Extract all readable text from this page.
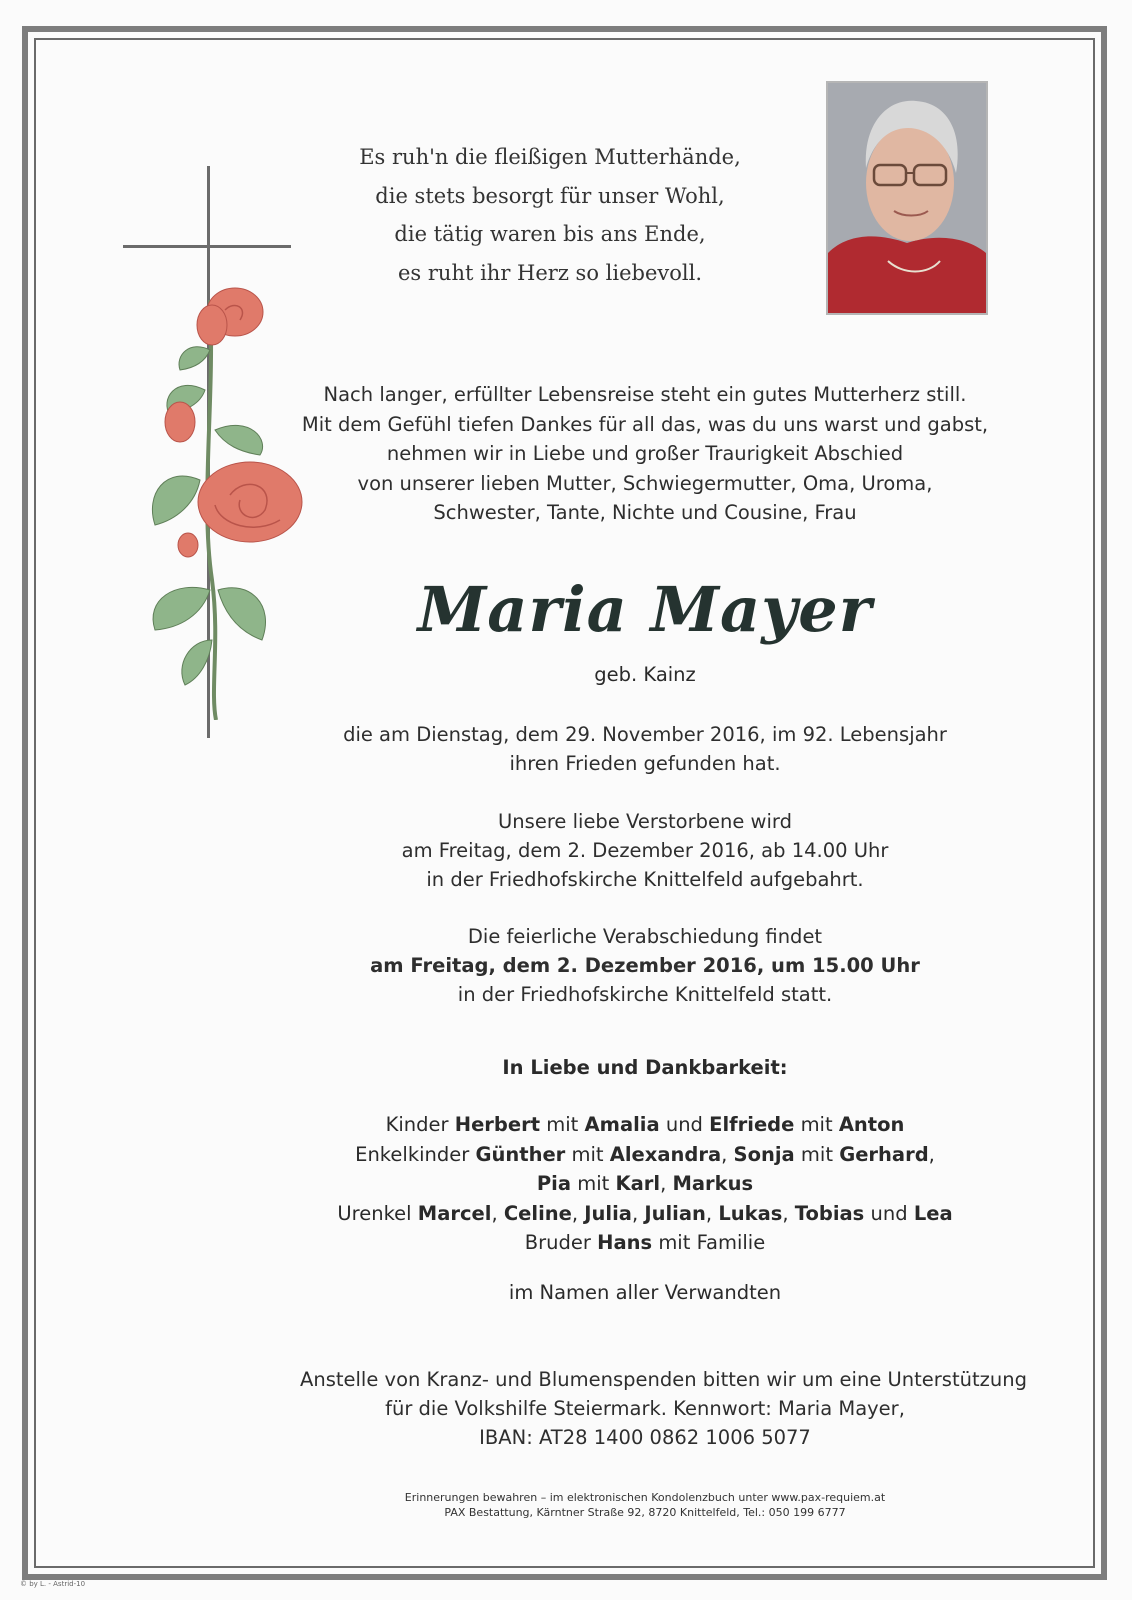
Es ruh'n die fleißigen Mutterhände,
die stets besorgt für unser Wohl,
die tätig waren bis ans Ende,
es ruht ihr Herz so liebevoll.
Nach langer, erfüllter Lebensreise steht ein gutes Mutterherz still.
Mit dem Gefühl tiefen Dankes für all das, was du uns warst und gabst,
nehmen wir in Liebe und großer Traurigkeit Abschied
von unserer lieben Mutter, Schwiegermutter, Oma, Uroma,
Schwester, Tante, Nichte und Cousine, Frau
Maria Mayer
geb. Kainz
die am Dienstag, dem 29. November 2016, im 92. Lebensjahr
ihren Frieden gefunden hat.
Unsere liebe Verstorbene wird
am Freitag, dem 2. Dezember 2016, ab 14.00 Uhr
in der Friedhofskirche Knittelfeld aufgebahrt.
Die feierliche Verabschiedung findet
am Freitag, dem 2. Dezember 2016, um 15.00 Uhr
in der Friedhofskirche Knittelfeld statt.
In Liebe und Dankbarkeit:
Kinder Herbert mit Amalia und Elfriede mit Anton
Enkelkinder Günther mit Alexandra, Sonja mit Gerhard,
Pia mit Karl, Markus
Urenkel Marcel, Celine, Julia, Julian, Lukas, Tobias und Lea
Bruder Hans mit Familie
im Namen aller Verwandten
Anstelle von Kranz- und Blumenspenden bitten wir um eine Unterstützung
für die Volkshilfe Steiermark. Kennwort: Maria Mayer,
IBAN: AT28 1400 0862 1006 5077
Erinnerungen bewahren – im elektronischen Kondolenzbuch unter www.pax-requiem.at
PAX Bestattung, Kärntner Straße 92, 8720 Knittelfeld, Tel.: 050 199 6777
© by L. - Astrid-10
